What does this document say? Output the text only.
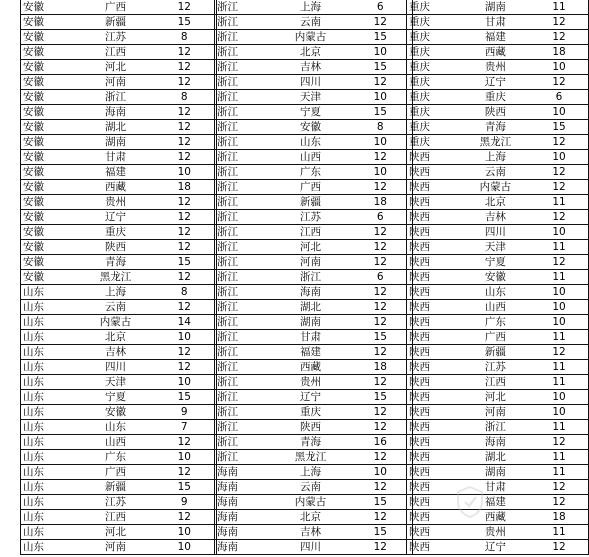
安徽	广西	12
安徽	新疆	15
安徽	江苏	8
安徽	江西	12
安徽	河北	12
安徽	河南	12
安徽	浙江	8
安徽	海南	12
安徽	湖北	12
安徽	湖南	12
安徽	甘肃	12
安徽	福建	10
安徽	西藏	18
安徽	贵州	12
安徽	辽宁	12
安徽	重庆	12
安徽	陕西	12
安徽	青海	15
安徽	黑龙江	12
山东	上海	8
山东	云南	12
山东	内蒙古	14
山东	北京	10
山东	吉林	12
山东	四川	12
山东	天津	10
山东	宁夏	15
山东	安徽	9
山东	山东	7
山东	山西	12
山东	广东	10
山东	广西	12
山东	新疆	15
山东	江苏	9
山东	江西	12
山东	河北	10
山东	河南	10
浙江	上海	6
浙江	云南	12
浙江	内蒙古	15
浙江	北京	10
浙江	吉林	15
浙江	四川	12
浙江	天津	10
浙江	宁夏	15
浙江	安徽	8
浙江	山东	10
浙江	山西	12
浙江	广东	10
浙江	广西	12
浙江	新疆	18
浙江	江苏	6
浙江	江西	12
浙江	河北	12
浙江	河南	12
浙江	浙江	6
浙江	海南	12
浙江	湖北	12
浙江	湖南	12
浙江	甘肃	15
浙江	福建	12
浙江	西藏	18
浙江	贵州	12
浙江	辽宁	15
浙江	重庆	12
浙江	陕西	12
浙江	青海	16
浙江	黑龙江	12
海南	上海	10
海南	云南	12
海南	内蒙古	15
海南	北京	12
海南	吉林	15
海南	四川	12
重庆	湖南	11
重庆	甘肃	12
重庆	福建	12
重庆	西藏	18
重庆	贵州	10
重庆	辽宁	12
重庆	重庆	6
重庆	陕西	10
重庆	青海	15
重庆	黑龙江	12
陕西	上海	10
陕西	云南	12
陕西	内蒙古	12
陕西	北京	11
陕西	吉林	12
陕西	四川	10
陕西	天津	11
陕西	宁夏	12
陕西	安徽	11
陕西	山东	10
陕西	山西	10
陕西	广东	10
陕西	广西	11
陕西	新疆	12
陕西	江苏	11
陕西	江西	11
陕西	河北	10
陕西	河南	10
陕西	浙江	11
陕西	海南	12
陕西	湖北	11
陕西	湖南	11
陕西	甘肃	12
陕西	福建	12
陕西	西藏	18
陕西	贵州	11
陕西	辽宁	12
